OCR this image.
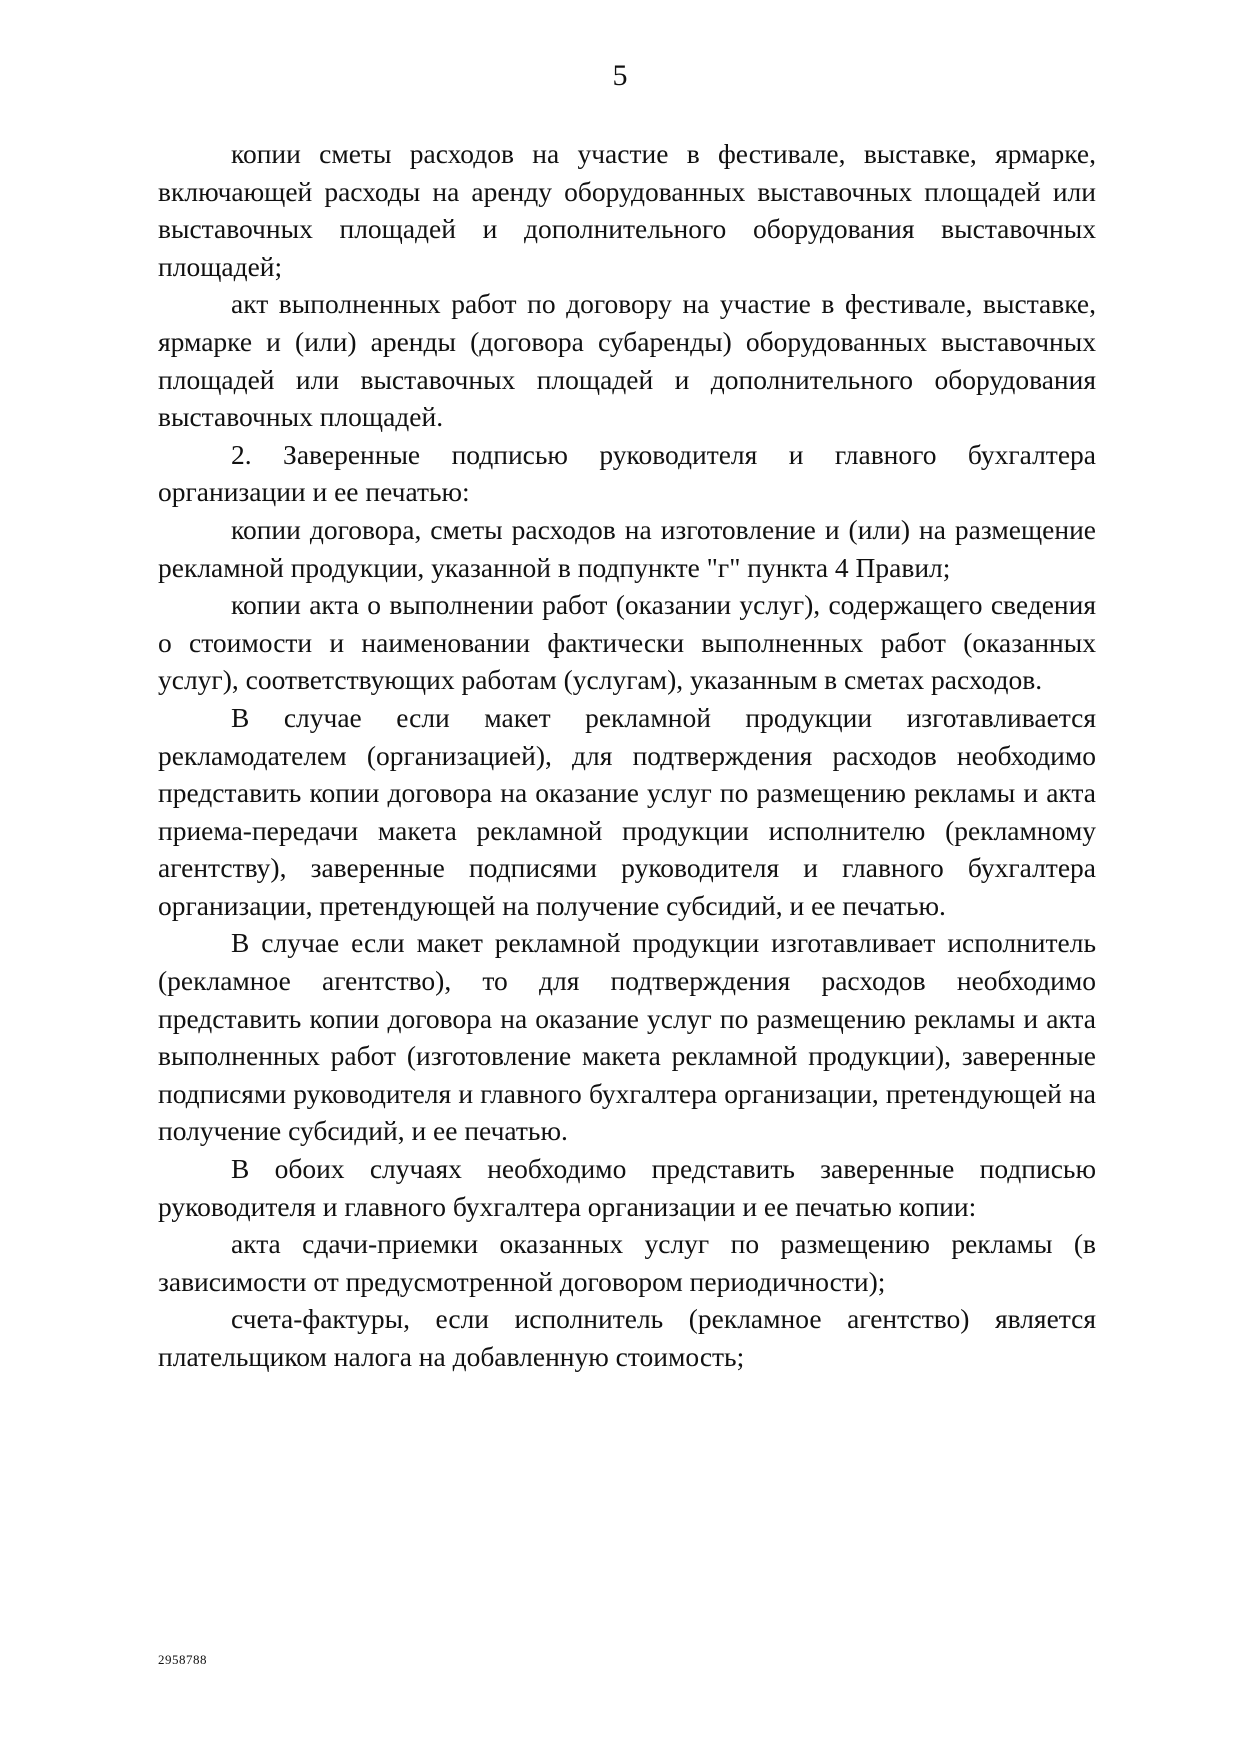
5

копии сметы расходов на участие в фестивале, выставке, ярмарке, включающей расходы на аренду оборудованных выставочных площадей или выставочных площадей и дополнительного оборудования выставочных площадей;

акт выполненных работ по договору на участие в фестивале, выставке, ярмарке и (или) аренды (договора субаренды) оборудованных выставочных площадей или выставочных площадей и дополнительного оборудования выставочных площадей.

2. Заверенные подписью руководителя и главного бухгалтера организации и ее печатью:

копии договора, сметы расходов на изготовление и (или) на размещение рекламной продукции, указанной в подпункте "г" пункта 4 Правил;

копии акта о выполнении работ (оказании услуг), содержащего сведения о стоимости и наименовании фактически выполненных работ (оказанных услуг), соответствующих работам (услугам), указанным в сметах расходов.

В случае если макет рекламной продукции изготавливается рекламодателем (организацией), для подтверждения расходов необходимо представить копии договора на оказание услуг по размещению рекламы и акта приема-передачи макета рекламной продукции исполнителю (рекламному агентству), заверенные подписями руководителя и главного бухгалтера организации, претендующей на получение субсидий, и ее печатью.

В случае если макет рекламной продукции изготавливает исполнитель (рекламное агентство), то для подтверждения расходов необходимо представить копии договора на оказание услуг по размещению рекламы и акта выполненных работ (изготовление макета рекламной продукции), заверенные подписями руководителя и главного бухгалтера организации, претендующей на получение субсидий, и ее печатью.

В обоих случаях необходимо представить заверенные подписью руководителя и главного бухгалтера организации и ее печатью копии:

акта сдачи-приемки оказанных услуг по размещению рекламы (в зависимости от предусмотренной договором периодичности);

счета-фактуры, если исполнитель (рекламное агентство) является плательщиком налога на добавленную стоимость;

2958788
